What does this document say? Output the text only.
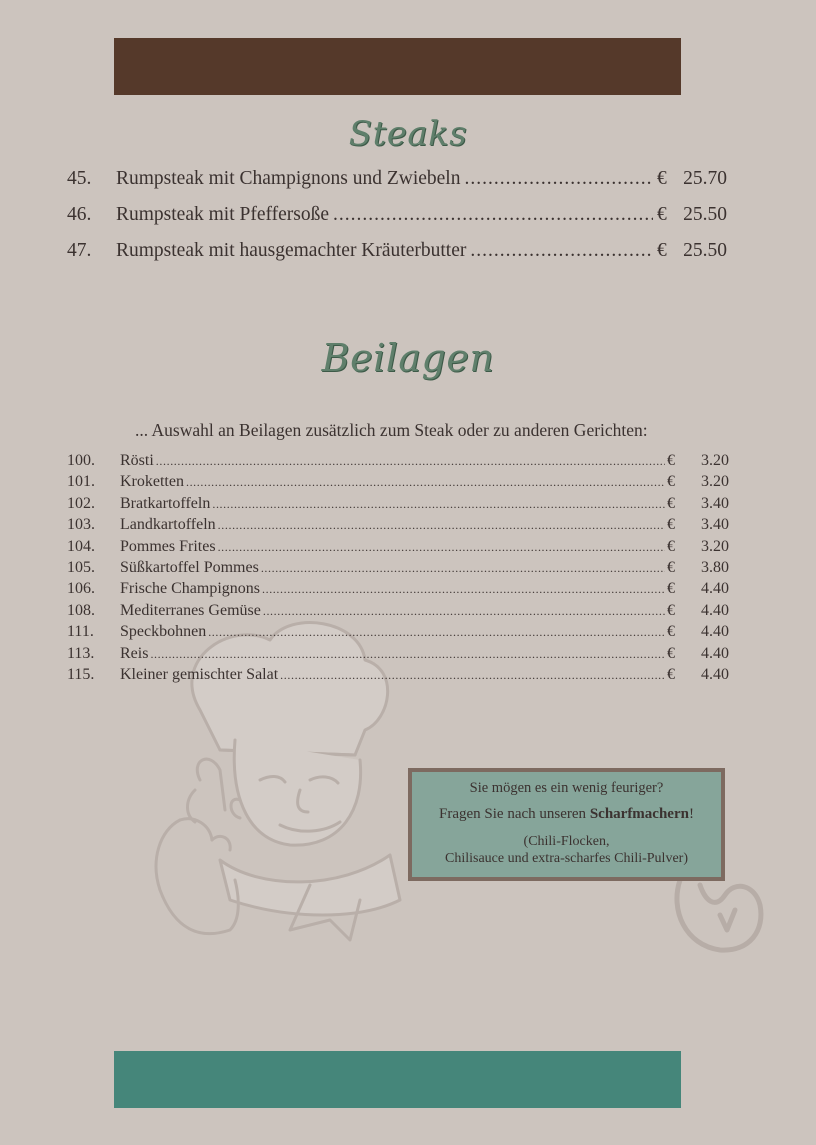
Steaks
45.	Rumpsteak mit Champignons und Zwiebeln .....	€ 25.70
46.	Rumpsteak mit Pfeffersoße .....	€ 25.50
47.	Rumpsteak mit hausgemachter Kräuterbutter .....	€ 25.50
Beilagen
... Auswahl an Beilagen zusätzlich zum Steak oder zu anderen Gerichten:
100.	Rösti .....	€	3.20
101.	Kroketten .....	€	3.20
102.	Bratkartoffeln .....	€	3.40
103.	Landkartoffeln .....	€	3.40
104.	Pommes Frites .....	€	3.20
105.	Süßkartoffel Pommes .....	€	3.80
106.	Frische Champignons .....	€	4.40
108.	Mediterranes Gemüse .....	€	4.40
111.	Speckbohnen .....	€	4.40
113.	Reis .....	€	4.40
115.	Kleiner gemischter Salat .....	€	4.40
Sie mögen es ein wenig feuriger?
Fragen Sie nach unseren Scharfmachern!
(Chili-Flocken,
Chilisauce und extra-scharfes Chili-Pulver)
